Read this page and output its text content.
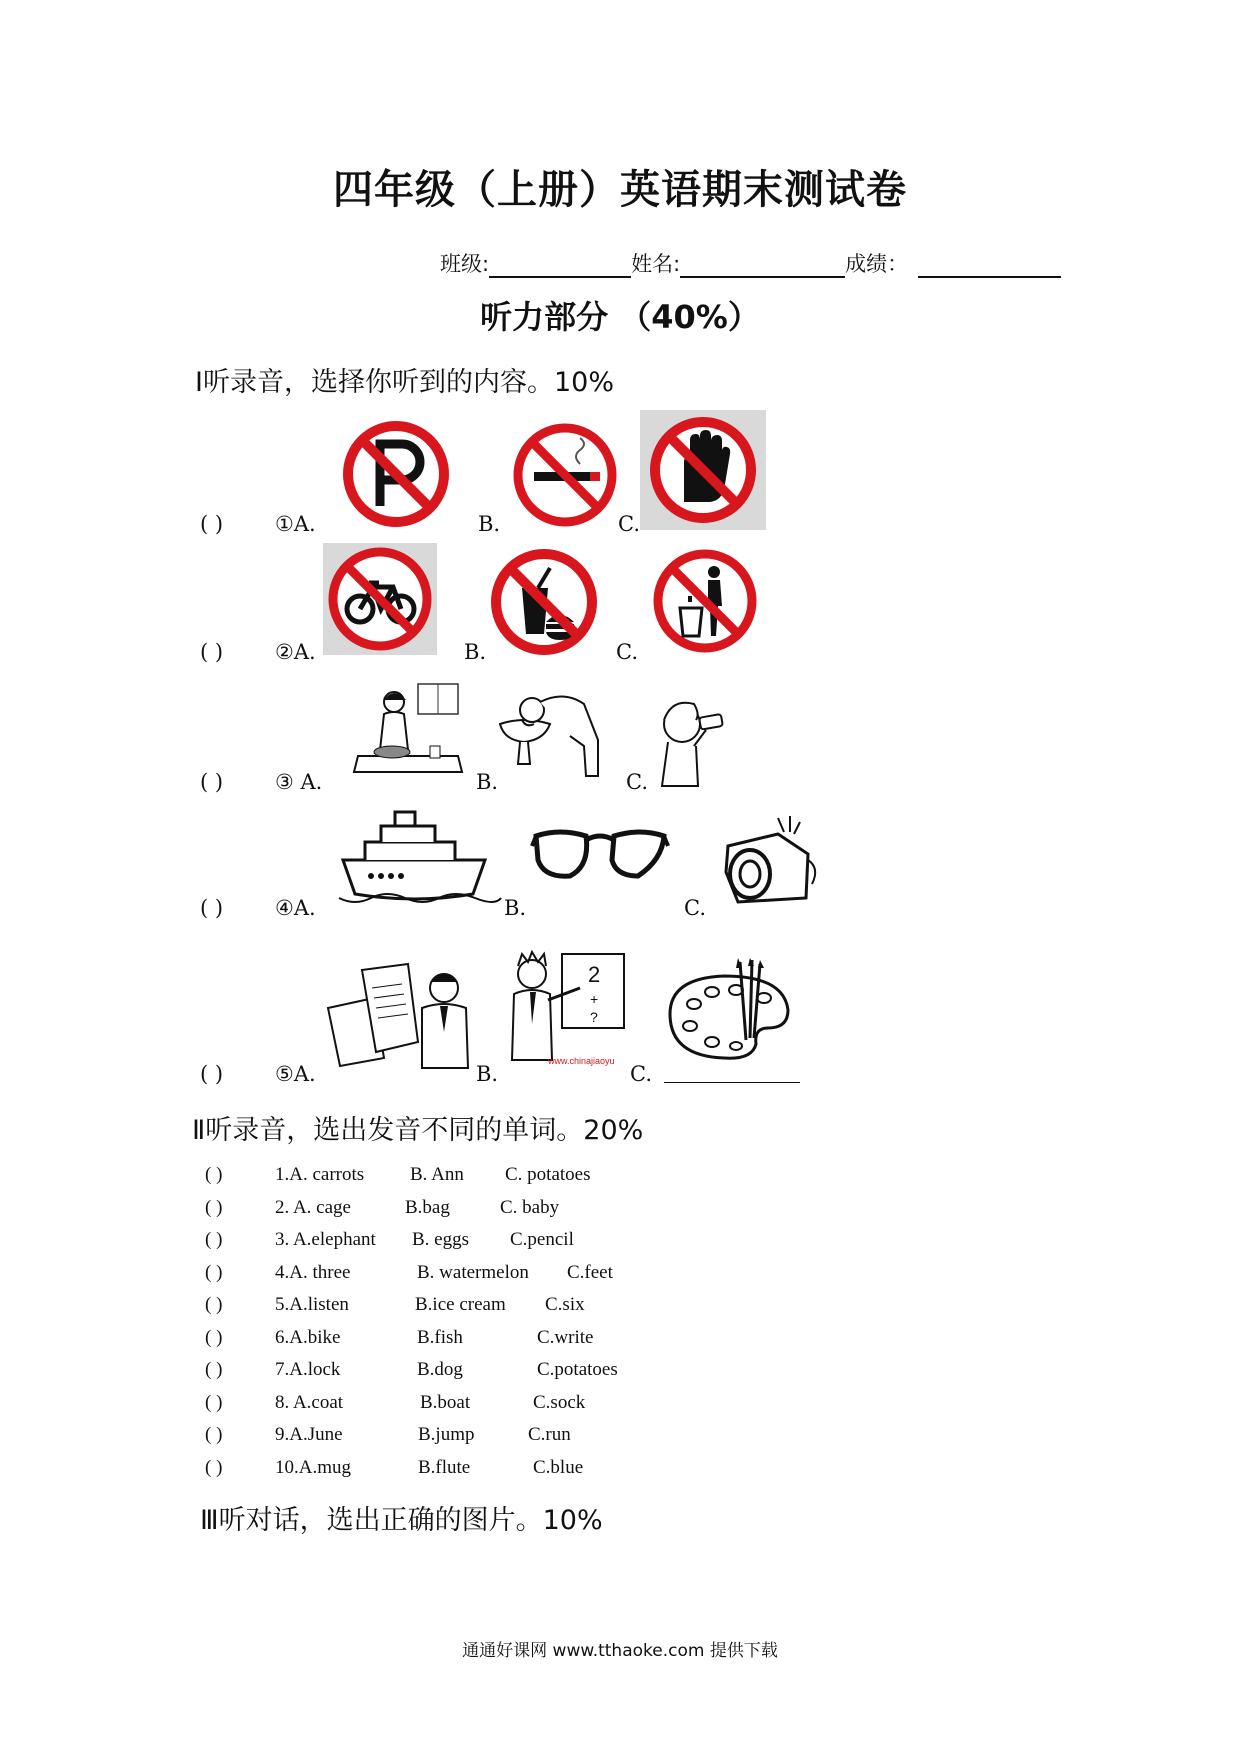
四年级（上册）英语期末测试卷
班级:	姓名:	成绩：
听力部分 （40%）
Ⅰ听录音，选择你听到的内容。10%
( ) ①A.	B.	C.
( ) ②A.	B.	C.
( ) ③ A.	B.	C.
( ) ④A.	B.	C.
( ) ⑤A.	B.	C.
2
+
?
www.chinajiaoyu
Ⅱ听录音，选出发音不同的单词。20%
( )	1.A. carrots B. Ann C. potatoes
( )	2. A. cage	B.bag	C. baby
( )	3. A.elephant B. eggs C.pencil
( )	4.A. three	B. watermelon C.feet
( )	5.A.listen	B.ice cream C.six
( )	6.A.bike	B.fish	C.write
( )	7.A.lock	B.dog	C.potatoes
( )	8. A.coat	B.boat	C.sock
( )	9.A.June	B.jump	C.run
( )	10.A.mug	B.flute	C.blue
Ⅲ听对话，选出正确的图片。10%
通通好课网 www.tthaoke.com 提供下载
